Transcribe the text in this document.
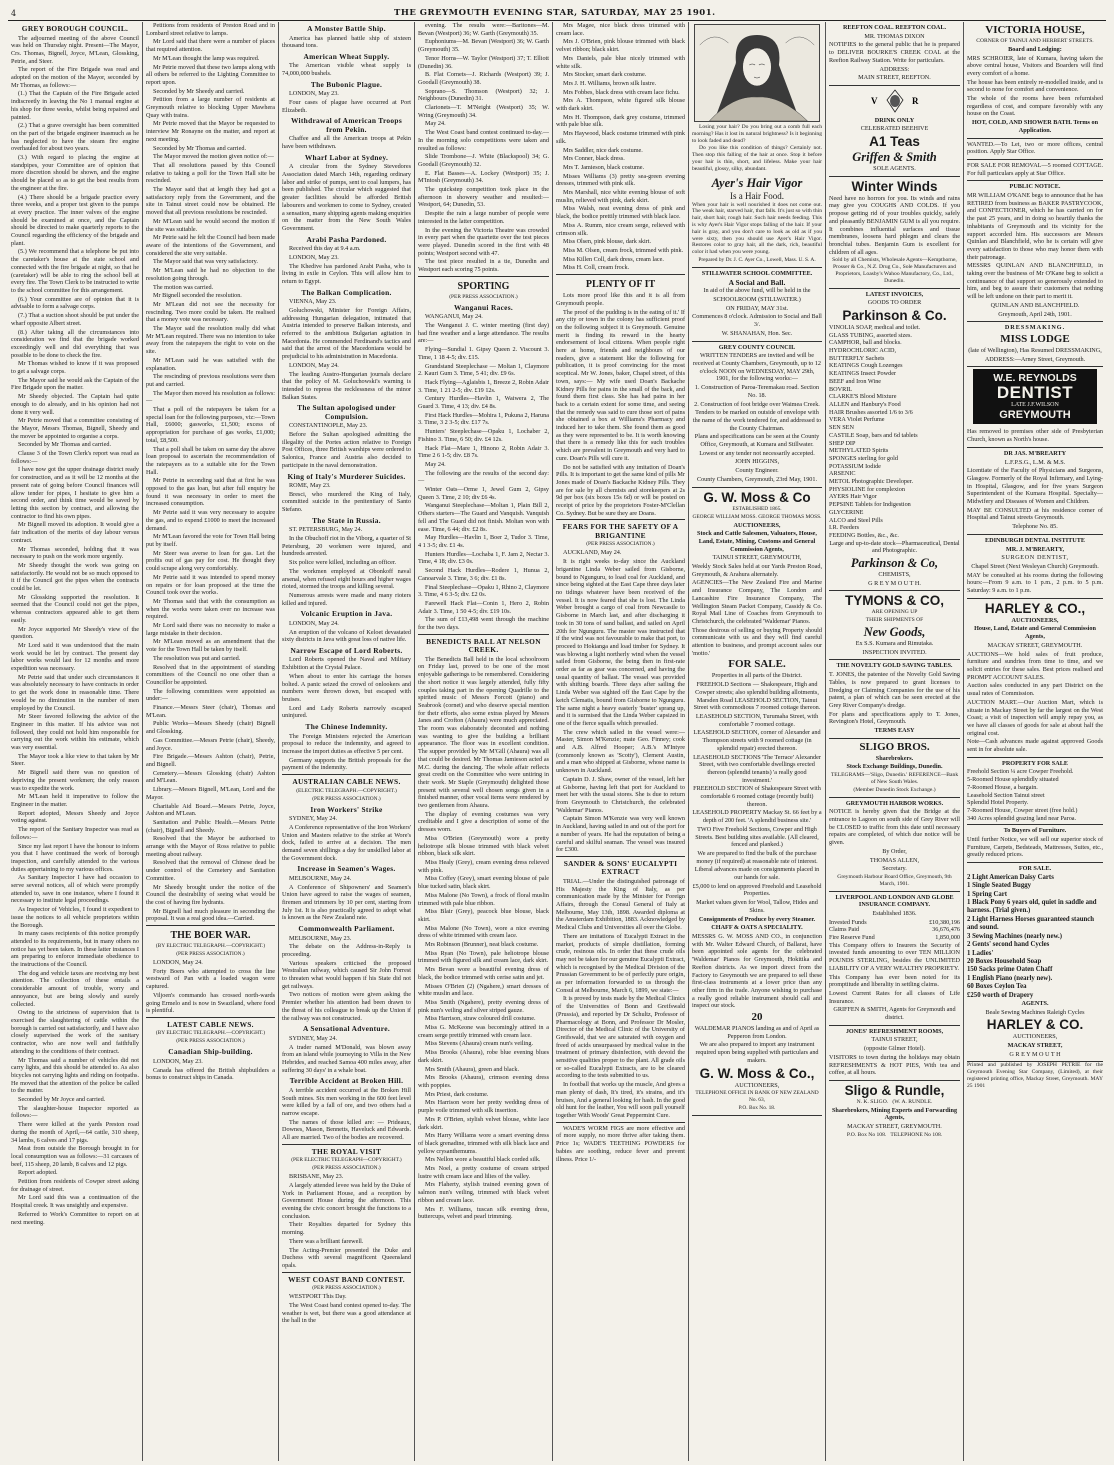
4	THE GREYMOUTH EVENING STAR, SATURDAY, MAY 25 1901.
GREY BOROUGH COUNCIL.

The adjourned meeting of the above Council was held on Thursday night. Present—The Mayor, Crs. Thomas, Bignell, Joyce, M'Lean, Glossking, Petrie, and Steer.

The report of the Fire Brigade was read and adopted on the motion of the Mayor, seconded by Mr Thomas, as follows:—

(1.) That the Captain of the Fire Brigade acted indiscreetly in leaving the No 1 manual engine at his shop for three weeks, whilst being repaired and painted.

(2.) That a grave oversight has been committed on the part of the brigade engineer inasmuch as he has neglected to have the steam fire engine overhauled for about two years.

(3.) With regard to placing the engine at standpipes, your Committee are of opinion that more discretion should be shown, and the engine should be placed so as to get the best results from the engineer at the fire.

(4.) There should be a brigade practice every three weeks, and a proper test given to the pumps at every practice. The inner valves of the engine should be examined at once, and the Captain should be directed to make quarterly reports to the Council regarding the efficiency of the brigade and plant.

(5.) We recommend that a telephone be put into the caretaker's house at the state school and connected with the fire brigade at night, so that he (caretaker) will be able to ring the school bell at every fire. The Town Clerk to be instructed to write to the school committee for this arrangement.

(6.) Your committee are of opinion that it is advisable to form a salvage corps.

(7.) That a suction shoot should be put under the wharf opposite Albert street.

(8.) After taking all the circumstances into consideration we find that the brigade worked exceedingly well and did everything that was possible to be done to check the fire.

Mr Thomas wished to know if it was proposed to get a salvage corps.

The Mayor said he would ask the Captain of the Fire Brigade upon the matter.

Mr Sheedy objected. The Captain had quite enough to do already, and in his opinion had not done it very well.

Mr Petrie moved that a committee consisting of the Mayor, Messrs Thomas, Bignell, Sheedy and the mover be appointed to organise a corps.

Seconded by Mr Thomas and carried.

Clause 3 of the Town Clerk's report was read as follows:—

I have now got the upper drainage district ready for construction, and as it will be 12 months at the present rate of going before Council finances will allow tender for pipes, I hesitate to give him a second order, and think time would be saved by letting this section by contract, and allowing the contractor to find his own pipes.

Mr Bignell moved its adoption. It would give a fair indication of the merits of day labour versus contract.

Mr Thomas seconded, holding that it was necessary to push on the work more urgently.

Mr Sheedy thought the work was going on satisfactorily. He would not be so much opposed to it if the Council got the pipes when the contracts could be let.

Mr Glossking supported the resolution. It seemed that the Council could not get the pipes, whereas contractors appeared able to get them easily.

Mr Joyce supported Mr Sheedy's view of the question.

Mr Lord said it was understood that the main work would be let by contract. The present day labor works would last for 12 months and more expedition was necessary.

Mr Petrie said that under such circumstances it was absolutely necessary to have contracts in order to get the work done in reasonable time. There would be no diminution in the number of men employed by the Council.

Mr Steer favored following the advice of the Engineer in this matter. If his advice was not followed, they could not hold him responsible for carrying out the work within his estimate, which was very essential.

The Mayor took a like view to that taken by Mr Steer.

Mr Bignell said there was no question of depriving the present workmen; the only reason was to expedite the work.

Mr M'Lean held it imperative to follow the Engineer in the matter.

Report adopted, Messrs Sheedy and Joyce voting against.

The report of the Sanitary Inspector was read as follows:—

Since my last report I have the honour to inform you that I have continued the work of borough inspection, and carefully attended to the various duties appertaining to my various offices.

As Sanitary Inspector I have had occasion to serve several notices, all of which were promptly attended to, save in one instance, where I found it necessary to institute legal proceedings.

As Inspector of Vehicles, I found it expedient to issue the notices to all vehicle proprietors within the Borough.

In many cases recipients of this notice promptly attended to its requirements, but in many others no notice has yet been taken. In these latter instances I am preparing to enforce immediate obedience to the instructions of the Council.

The dog and vehicle taxes are receiving my best attention. The collection of these entails a considerable amount of trouble, worry and annoyance, but are being slowly and surely collected.

Owing to the strictness of supervision that is exercised the slaughtering of cattle within the borough is carried out satisfactorily, and I have also closely supervised the work of the sanitary contractor, who are now well and faithfully attending to the conditions of their contract.

Mr Thomas said a number of vehicles did not carry lights, and this should be attended to. As also bicycles not carrying lights and riding on footpaths. He moved that the attention of the police be called to the matter.

Seconded by Mr Joyce and carried.

The slaughter-house Inspector reported as follows:—

There were killed at the yards Preston road during the month of April,—64 cattle, 310 sheep, 34 lambs, 6 calves and 17 pigs.

Meat from outside the Borough brought in for local consumption was as follows:—31 carcases of beef, 115 sheep, 20 lamb, 8 calves and 12 pigs.

Report adopted.

Petition from residents of Cowper street asking for drainage of street.

Mr Lord said this was a continuation of the Hospital creek. It was unsightly and expensive.

Referred to Work's Committee to report on at next meeting.

Petitions from residents of Preston Road and in Lombard street relative to lamps.

Mr Lord said that there were a number of places that required attention.

Mr M'Lean thought the lamp was required.

Mr Petrie moved that these two lamps along with all others be referred to the Lighting Committee to report upon.

Seconded by Mr Sheedy and carried.

Petition from a large number of residents at Greymouth relative to blocking Upper Mawhera Quay with trains.

Mr Petrie moved that the Mayor be requested to interview Mr Ronayne on the matter, and report at next meeting.

Seconded by Mr Thomas and carried.

The Mayor moved the motion given notice of:—

That all resolutions passed by this Council relative to taking a poll for the Town Hall site be rescinded.

The Mayor said that at length they had got a satisfactory reply from the Government, and the site in Tainui street could now be obtained. He moved that all previous resolutions be rescinded.

Mr M'Lean said he would second the motion if the site was suitable.

Mr Petrie said he felt the Council had been made aware of the intentions of the Government, and considered the site very suitable.

The Mayor said that was very satisfactory.

Mr M'Lean said he had no objection to the resolution going through.

The motion was carried.

Mr Bignell seconded the resolution.

Mr M'Lean did not see the necessity for rescinding. Two more could be taken. He realised that a money vote was necessary.

The Mayor said the resolution really did what Mr M'Lean required. There was no intention to take away from the ratepayers the right to vote on the site.

Mr M'Lean said he was satisfied with the explanation.

The rescinding of previous resolutions were then put and carried.

The Mayor then moved his resolution as follows:—

That a poll of the ratepayers be taken for a special loan for the following purposes, viz:—Town Hall, £6000; gasworks, £1,500; excess of appropriation for purchase of gas works, £1,000; total, £8,500.

That a poll shall be taken on same day the above loan proposal to ascertain the recommendation of the ratepayers as to a suitable site for the Town Hall.

Mr Petrie in seconding said that at first he was opposed to the gas loan, but after full enquiry he found it was necessary in order to meet the increased consumption.

Mr Petrie said it was very necessary to acquire the gas, and to expend £1000 to meet the increased demand.

Mr M'Lean favored the vote for Town Hall being put by itself.

Mr Steer was averse to loan for gas. Let the profits out of gas pay for cost. He thought they could scrape along very comfortably.

Mr Petrie said it was intended to spend money on repairs or for loan proposed at the time the Council took over the works.

Mr Thomas said that with the consumption as when the works were taken over no increase was required.

Mr Lord said there was no necessity to make a large mistake in their decision.

Mr M'Lean moved as an amendment that the vote for the Town Hall be taken by itself.

The resolution was put and carried.

Resolved that in the appointment of standing committees of the Council no one other than a Councillor be appointed.

The following committees were appointed as under:—

Finance.—Messrs Steer (chair), Thomas and M'Lean.

Public Works—Messrs Sheedy (chair) Bignell and Glossking.

Gas Committee.—Messrs Petrie (chair), Sheedy, and Joyce.

Fire Brigade.—Messrs Ashton (chair), Petrie, and Bignell.

Cemetery.—Messrs Glossking (chair) Ashton and M'Lean.

Library.—Messrs Bignell, M'Lean, Lord and the Mayor.

Charitable Aid Board.—Messrs Petrie, Joyce, Ashton and M'Lean.

Sanitation and Public Health.—Messrs Petrie (chair), Bignell and Sheedy.

Resolved that the Mayor be authorised to arrange with the Mayor of Ross relative to public meeting about railway.

Resolved that the removal of Chinese dead be under control of the Cemetery and Sanitation Committee.

Mr Sheedy brought under the notice of the Council the desirability of seeing what would be the cost of having fire hydrants.

Mr Bignell had much pleasure in seconding the proposal. It was a real good idea.—Carried.

THE BOER WAR.

(BY ELECTRIC TELEGRAPH.—COPYRIGHT.)

(PER PRESS ASSOCIATION.)

LONDON, May 24.

Forty Boers who attempted to cross the line westward of Pan with a loaded wagon were captured.

Viljoen's commando has crossed north-wards going Ermelo and is now in Swaziland, where food is plentiful.

LATEST CABLE NEWS.

(BY ELECTRIC TELEGRAPH.—COPYRIGHT.)

(PER PRESS ASSOCIATION.)

Canadian Ship-building.

LONDON, May 23.

Canada has offered the British shipbuilders a bonus to construct ships in Canada.

A Monster Battle Ship.

America has planned battle ship of sixteen thousand tons.

American Wheat Supply.

The American visible wheat supply is 74,000,000 bushels.

The Bubonic Plague.

LONDON, May 23.

Four cases of plague have occurred at Port Elizabeth.

Withdrawal of American Troops from Pekin.

Chaffee and all the American troops at Pekin have been withdrawn.

Wharf Labor at Sydney.

A circular from the Sydney Stevedores Association dated March 14th, regarding ordinary labor and strike of pumps, sent to coal lumpers, has been published. The circular which suggested that greater facilities should be afforded British labourers and workmen to come to Sydney, created a sensation, many shipping agents making enquiries on the matter from the New South Wales Government.

Arabi Pasha Pardoned.

Received this day at 9.4 a.m.

LONDON, May 23.

The Khedive has pardoned Arabi Pasha, who is living in exile in Ceylon. This will allow him to return to Egypt.

The Balkan Complication.

VIENNA, May 23.

Goluchowski, Minister for Foreign Affairs, addressing Hungarian delegation, intimated that Austria intended to preserve Balkan interests, and referred to the ambitious Bulgarian agitation in Macedonia. He commended Ferdinand's tactics and said that the arrest of the Macedonians would be prejudicial to his administration in Macedonia.

LONDON, May 24.

The leading Austro-Hungarian journals declare that the policy of M. Goluchowski's warning is intended to repress the recklessness of the minor Balkan States.

The Sultan apologised under Compulsion.

CONSTANTINOPLE, May 23.

Before the Sultan apologised admitting the illegality of the Portes action relative to Foreign Post Offices, three British warships were ordered to Salonica, France and Austria also decided to participate in the naval demonstration.

King of Italy's Murderer Suicides.

ROME, May 23.

Bresci, who murdered the King of Italy, committed suicide in the penitentiary of Santo Stefano.

The State in Russia.

ST. PETERSBURG, May 24.

In the Obuchoff riot in the Viborg, a quarter of St Petersburg, 20 workmen were injured, and hundreds arrested.

Six police were killed, including an officer.

The workmen employed at Obonkoff naval arsenal, when refused eight hours and higher wages rioted, stormed the troops and killing several.

Numerous arrests were made and many rioters killed and injured.

Volcanic Eruption in Java.

LONDON, May 24.

An eruption of the volcano of Keloet devastated sixty districts in Java with great loss of native life.

Narrow Escape of Lord Roberts.

Lord Roberts opened the Naval and Military Exhibition at the Crystal Palace.

When about to enter his carriage the horses bolted. A panic seized the crowd of onlookers and numbers were thrown down, but escaped with bruises.

Lord and Lady Roberts narrowly escaped uninjured.

The Chinese Indemnity.

The Foreign Ministers rejected the American proposal to reduce the indemnity, and agreed to increase the import duties as effective 5 per cent.

Germany supports the British proposals for the payment of the indemnity.

AUSTRALIAN CABLE NEWS.

(ELECTRIC TELEGRAPH.—COPYRIGHT.)

(PER PRESS ASSOCIATION.)

Iron Workers' Strike

SYDNEY, May 24.

A Conference representative of the Iron Workers' Union and Masters relative to the strike at Wore's dock, failed to arrive at a decision. The men demand seven shillings a day for unskilled labor at the Government dock.

Increase in Seamen's Wages.

MELBOURNE, May 24.

A Conference of Shipowners' and Seamen's Union have agreed to raise the wages of seamen, firemen and trimmers by 10 per cent, starting from July 1st. It is also practically agreed to adopt what is known as the New Zealand rate.

Commonwealth Parliament.

MELBOURNE, May 23.

The debate on the Address-in-Reply is proceeding.

Various speakers criticised the proposed Westralian railway, which caused Sir John Forrest to threaten what would happen if his State did not get railways.

Two notices of motion were given asking the Premier whether his attention had been drawn to the threat of his colleague to break up the Union if the railway was not constructed.

A Sensational Adventure.

SYDNEY, May 24.

A trader named M'Donald, was blown away from an island while journeying to Villa in the New Hebrides, and reached Samoa 400 miles away, after suffering 30 days' in a whale boat.

Terrible Accident at Broken Hill.

A terrible accident occurred at the Broken Hill South mines. Six men working in the 600 feet level were killed by a fall of ore, and two others had a narrow escape.

The names of those killed are: — Prideaux, Downes, Mason, Bennetts, Haveluck and Edwards. All are married. Two of the bodies are recovered.

THE ROYAL VISIT

(PER ELECTRIC TELEGRAPH—COPYRIGHT.)

(PER PRESS ASSOCIATION.)

BRISBANE, May 23.

A largely attended levee was held by the Duke of York in Parliament House, and a reception by Government House during the afternoon. This evening the civic concert brought the functions to a conclusion.

Their Royalties departed for Sydney this morning.

There was a brilliant farewell.

The Acting-Premier presented the Duke and Duchess with several magnificent Queensland opals.

WEST COAST BAND CONTEST.

(PER PRESS ASSOCIATION.)

WESTPORT This Day.

The West Coast band contest opened to-day. The weather is wet, but there was a good attendance at the hall in the

evening. The results were:—Baritones—M. Bevan (Westport) 36; W. Garth (Greymouth) 35.

Euphoniums—M. Bevan (Westport) 36; W. Garth (Greymouth) 35.

Tenor Horns—W. Taylor (Westport) 37; T. Elliott (Dunedin) 36.

B. Flat Cornets—J. Richards (Westport) 39; J. Goodall (Greymouth) 38.

Soprano—S. Thomson (Westport) 32; J. Neighbours (Dunedin) 31.

Clarionets—T. M'Neight (Westport) 35; W. Wring (Greymouth) 34.

May 24.

The West Coast band contest continued to-day.—In the morning solo competitions were taken and resulted as follows:

Slide Trombone—J. White (Blackspool) 34; G. Goodall (Greymouth) 32.

E. Flat Basses—A. Lockey (Westport) 35; J. M'Intosh (Greymouth) 34.

The quickstep competition took place in the afternoon in showery weather and resulted:—Westport, 64; Dunedin, 53.

Despite the rain a large number of people were interested in the latter competition.

In the evening the Victoria Theatre was crowded in every part when the quartette over the test pieces were played. Dunedin scored in the first with 48 points; Westport second with 47.

The test piece resulted in a tie, Dunedin and Westport each scoring 75 points.

SPORTING

(PER PRESS ASSOCIATION.)

Wanganui Races.

WANGANUI, May 24.

The Wanganui J. C. winter meeting (first day) had fine weather and a large attendance. The results are:—

Flying—Sundial 1. Gipsy Queen 2. Viscount 3. Time, 1 18 4-5; div. £15.

Grandstand Steeplechase — Moltan 1, Claymore 2. Kauri Gum 3. Time, 5 41; div. £9 6s.

Hack Flying—Aglaisbis 1, Breeze 2, Robin Adair 3. Time, 1 21 2-5; div. £19 12s.

Century Hurdles—Havlin 1, Waiwera 2, The Guard 3. Time, 4 13; div. £4 8s.

First Hack Hurdles—Mohira 1, Pukuna 2, Haruna 3. Time, 3 2 3-5; div. £17 7s.

Hunters' Steeplechase—Opaku 1, Lochaber 2, Fishino 3. Time, 6 50; div. £4 12s.

Hack Flat—Mare 1, Hinono 2, Robin Adair 3. Time 2 6 1-5; div. £8 7s.

May 24.

The following are the results of the second day:—

Winter Oats—Orme 1, Jewel Gum 2, Gipsy Queen 3. Time, 2 10; div £6 4s.

Wanganui Steeplechase—Moltan 1, Plain Bill 2, Others starters—The Guard and Vanquish. Vanquish fell and The Guard did not finish. Moltan won with ease. Time, 6 44; div. £2 8s.

May Hurdles—Havlin 1, Boer 2, Tudor 3. Time, 4 1 3-5; div. £1 4s.

Hunters Hurdles—Lochaba 1, F. Jam 2, Nectar 3. Time, 4 18; div. £3 0s.

Second Hack Hurdles—Rodere 1, Hunua 2, Canoarvale 3. Time, 3 6; div. £1 8s.

Final Steeplechase—Opaku 1, Rhino 2, Claymore 3. Time, 4 6 3-5; div. £2 0s.

Farewell Hack Flat—Conin 1, Hero 2, Robin Adair 3. Time, 1 50 4-5; div. £19 10s.

The sum of £13,498 went through the machine for the two days.

BENEDICTS BALL AT NELSON CREEK.

The Benedicts Ball held in the local schoolroom on Friday last, proved to be one of the most enjoyable gatherings to be remembered. Considering the short notice it was largely attended, fully fifty couples taking part in the opening Quadrille to the spirited music of Messrs Forcott (piano) and Seabrook (cornet) and who deserve special mention for their efforts, also some extras played by Messrs Janes and Crofton (Ahaura) were much appreciated. The room was elaborately decorated and nothing was wanting to give the building a brilliant appearance. The floor was in excellent condition. The supper provided by Mr M'Gill (Ahaura) was all that could be desired. Mr Thomas Jamieson acted as M.C. during the dancing. The whole affair reflects great credit on the Committee who were untiring in their work. Mr Staple (Greymouth) delighted those present with several well chosen songs given in a finished manner, other vocal items were rendered by two gentlemen from Ahaura.

The display of evening costumes was very creditable and I give a description of some of the dresses worn.

Miss O'Brien (Greymouth) wore a pretty heliotrope silk blouse trimmed with black velvet ribbon, black silk skirt.

Miss Healy (Grey), cream evening dress relieved with pink.

Miss Coffey (Grey), smart evening blouse of pale blue tucked satin, black skirt.

Miss Malone (No Town), a frock of floral muslin trimmed with pale blue ribbon.

Miss Blair (Grey), peacock blue blouse, black skirt.

Miss Malone (No Town), wore a nice evening dress of white trimmed with cream lace.

Mrs Robinson (Brunner), neat black costume.

Miss Ryan (No Town), pale heliotrope blouse trimmed with figured silk and cream lace, dark skirt.

Mrs Bevan wore a beautiful evening dress of black, the bodice trimmed with cerise satin and jet.

Misses O'Brien (2) (Ngahere,) smart dresses of white muslin and lace.

Miss Smith (Ngahere), pretty evening dress of pink nun's veiling and silver striped gauze.

Miss Harrison, straw coloured drill costume.

Miss G. McKeone was becomingly attired in a cream serge prettily trimmed with cream lace.

Miss Stevens (Ahaura) cream nun's veiling.

Miss Brooks (Ahaura), robe blue evening blues dark skirt.

Mrs Smith (Ahaura), green and black.

Mrs Brooks (Ahaura), crimson evening dress with poppies.

Mrs Priest, dark costume.

Mrs Harrison wore her pretty wedding dress of purple voile trimmed with silk insertion.

Mrs P. O'Brien, stylish velvet blouse, white lace dark skirt.

Mrs Harry Williams wore a smart evening dress of black grenadine, trimmed with silk black lace and yellow crysanthemums.

Mrs Nellon wore a beautiful black corded silk.

Mrs Noel, a pretty costume of cream striped lustre with cream lace and lilies of the valley.

Mrs Flaherty, stylish trained evening gown of salmon nun's veiling, trimmed with black velvet ribbon and cream lace.

Mrs F. Williams, tuscan silk evening dress, buttercups, velvet and pearl trimming.

Mrs Magee, nice black dress trimmed with cream lace.

Mrs J. O'Brien, pink blouse trimmed with black velvet ribbon; black skirt.

Mrs Daniels, pale blue nicely trimmed with white silk.

Mrs Stocker, smart dark costume.

Mrs J. H. Williams, brown silk lustre.

Mrs Fobbes, black dress with cream lace fichu.

Mrs A. Thompson, white figured silk blouse with dark skirt.

Mrs H. Thompson, dark grey costume, trimmed with pale blue silk.

Mrs Haywood, black costume trimmed with pink silk.

Mrs Saddler, nice dark costume.

Mrs Conner, black dress.

Mrs T. Jamieson, black costume.

Misses Williams (3) pretty sea-green evening dresses, trimmed with pink silk.

Mrs Marshall, nice white evening blouse of soft muslin, relieved with pink, dark skirt.

Miss Walsh, neat evening dress of pink and black, the bodice prettily trimmed with black lace.

Miss A. Rumm, nice cream serge, relieved with crimson silk.

Miss Olsen, pink blouse, dark skirt.

Miss M. Olsen, cream frock, trimmed with pink.

Miss Killen Coll, dark dress, cream lace.

Miss H. Coll, cream frock.

PLENTY OF IT

Lots more proof like this and it is all from Greymouth people.

The proof of the pudding is in the eating of it.' If any city or town in the colony has sufficient proof on the following subject it is Greymouth. Genuine merit is finding its reward in the hearty endorsement of local citizens. When people right here at home, friends and neighbours of our readers, give a statement like the following for publication, it is proof convincing for the most sceptical. Mr W. Jones, baker, Chapel street, of this town, says:— My wife used Doan's Backache Kidney Pills for pains in the small of the back, and found them first class. She has had pains in her back to a certain extent for some time, and seeing that the remedy was said to cure those sort of pains she obtained a box at Williams's Pharmacy and induced her to take them. She found them as good as they were represented to be. It is worth knowing that there is a remedy like this for such troubles which are prevalent in Greymouth and very hard to cure. Doan's Pills will cure it.

Do not be satisfied with any imitation of Doan's Pills. It is important to get the same kind of pills Mr Jones made of Doan's Backache Kidney Pills. They are for sale by all chemists and storekeepers at 2s 9d per box (six boxes 15s 6d) or will be posted on receipt of price by the proprietors Foster-M'Clellan Co. Sydney. But be sure they are Doans.

FEARS FOR THE SAFETY OF A BRIGANTINE

(PER PRESS ASSOCIATION.)

AUCKLAND, May 24.

It is right weeks to-day since the Auckland brigantine Linda Weber sailed from Gisborne, bound to Ngunguru, to load coal for Auckland, and since being sighted at the East Cape three days later no tidings whatever have been received of the vessel. It is now feared that she is lost. The Linda Weber brought a cargo of coal from Newcastle to Gisborne in March last, and after discharging it took in 30 tons of sand ballast, and sailed on April 20th for Ngunguru. The master was instructed that if the wind was not favourable to make that port, to proceed to Hokianga and load timber for Sydney. It was blowing a light northerly wind when the vessel sailed from Gisborne, the being then in first-rate order as far as gear was concerned, and having the usual quantity of ballast. The vessel was provided with shifting boards. Three days after sailing the Linda Weber was sighted off the East Cape by the ketch Clematis, bound from Gisborne to Ngunguru. The same night a heavy easterly 'buster' sprang up, and it is surmised that the Linda Weber capsized in one of the fierce squalls which prevailed.

The crew which sailed in the vessel were:—Master, Simon M'Kenzie; mate Geo. Finney; cook and A.B. Alfred Hooper; A.B.'s M'Intyre (commonly known as 'Scotty'), Clement Austin, and a man who shipped at Gisborne, whose name is unknown in Auckland.

Captain D. J. Shaw, owner of the vessel, left her at Gisborne, having left that port for Auckland to meet her with the usual stores. She is due to return from Greymouth to Christchurch, the celebrated 'Waldemar' Pianos.

Captain Simon M'Kenzie was very well known in Auckland, having sailed in and out of the port for a number of years. He had the reputation of being a careful and skilful seaman. The vessel was insured for £300.

SANDER & SONS' EUCALYPTI EXTRACT

TRIAL.—Under the distinguished patronage of His Majesty the King of Italy, as per communication made by the Minister for Foreign Affairs, through the Consul General of Italy at Melbourne, May 13th, 1898. Awarded diploma at the Amsterdam Exhibition, 1883. Acknowledged by Medical Clubs and Universities all over the Globe.

There are imitations of Eucalypti Extract in the market, products of simple distillation, forming crude, resinous oils. In order that these crude oils may not be taken for our genuine Eucalypti Extract, which is recognised by the Medical Division of the Prussian Government to be of perfectly pure origin, as per information forwarded to us through the Consul at Melbourne, March 6, 1899, we state:—

It is proved by tests made by the Medical Clinics of the Universities of Bonn and Greifswald (Prussia), and reported by Dr Schultz, Professor of Pharmacology at Bonn, and Professor Dr Mosler, Director of the Medical Clinic of the University of Greifswald, that we are saturated with oxygen and freed of acids unsurpassed by medical value in the treatment of primary disinfection, with devoid the sensitive qualities proper to the plant. All grade oils or so-called Eucalypti Extracts, are to be cleared according to the tests submitted to us.

In football that works up the muscle, And gives a man plenty of dash, It's tired, it's strains, and it's bruises, And a general looking for hash. In the good old hunt for the leather, You will soon pull yourself together With Woods' Great Peppermint Cure.

WADE'S WORM FIGS are more effective and of more supply, no more thrive after taking them. Price 1s; WADE'S TEETHING POWDERS for babies are soothing, reduce fever and prevent illness. Price 1/-

Losing your hair? Do you bring out a comb full each morning? Has it lost its natural brightness? Is it beginning to look faded and dead?

Do you like this condition of things? Certainly not. Then stop this falling of the hair at once. Stop it before your hair is thin, short, and lifeless. Make your hair beautiful, glossy, silky, abundant.

Ayer's Hair Vigor

Is a Hair Food.

When your hair is well nourished it does not come out. The weak hair, starved hair, that falls. It's just so with thin hair, short hair, rough hair. Such hair needs feeding. This is why Ayer's Hair Vigor stops falling of the hair. If your hair is gray, and you don't care to look as old as if you were sixty, then you should use Ayer's Hair Vigor. Restores color to gray hair, all the dark, rich, beautiful color it had when you were young.

Prepared by Dr. J. C. Ayer Co., Lowell, Mass. U. S. A.

STILLWATER SCHOOL COMMITTEE.

A Social and Ball.

In aid of the above fund, will be held in the

SCHOOLROOM (STILLWATER.)

ON FRIDAY, MAY 31st.

Commences 8 o'clock. Admission to Social and Ball 3/.

W. SHANAHAN, Hon. Sec.

GREY COUNTY COUNCIL

WRITTEN TENDERS are invited and will be received at County Chambers, Greymouth, up to 12 o'clock NOON on WEDNESDAY, MAY 29th, 1901, for the following works:—

1. Construction of Paroa-Teremakau road. Section No. 18.

2. Construction of foot bridge over Waimea Creek.

Tenders to be marked on outside of envelope with the name of the work tendered for, and addressed to the County Chairman.

Plans and specifications can be seen at the County Office, Greymouth, at Kumara and Stillwater.

Lowest or any tender not necessarily accepted.

JOHN HIGGINS,

County Engineer.

County Chambers, Greymouth, 23rd May, 1901.

G. W. Moss & Co

ESTABLISHED 1865.

GEORGE WILLIAM MOSS. GEORGE THOMAS MOSS.

AUCTIONEERS,

Stock and Cattle Salesmen, Valuators, House, Land, Estate, Mining, Customs and General Commission Agents,

TAINUI STREET, GREYMOUTH,

Weekly Stock Sales held at our Yards Preston Road, Greymouth, & Arahura alternately.

AGENCIES—The New Zealand Fire and Marine and Insurance Company, The London and Lancashire Fire Insurance Company, The Wellington Steam Packet Company, Cassidy & Co. Royal Mail Line of Coaches from Greymouth to Christchurch, the celebrated 'Waldemar' Pianos.

Those desirous of selling or buying Property should communicate with us and they will find careful attention to business, and prompt account sales our 'motto.'

FOR SALE.

Properties in all parts of the District.

FREEHOLD Sections — Shakespeare, High and Cowper streets; also splendid building allotments, Marsden Road LEASEHOLD SECTION, Tainui Street with commodious 7 roomed cottage thereon.

LEASEHOLD SECTION, Turumaha Street, with comfortable 7 roomed cottage.

LEASEHOLD SECTION, corner of Alexander and Thompson streets with 9 roomed cottage (in splendid repair) erected thereon.

LEASEHOLD SECTIONS 'The Terrace' Alexander Street, with two comfortable dwellings erected thereon (splendid tenants) 'a really good investment.'

FREEHOLD SECTION of Shakespeare Street with comfortable 6 roomed cottage (recently built) thereon.

LEASEHOLD PROPERTY Mackay St. 66 feet by a depth of 200 feet. 'A splendid business site.'

TWO Five Freehold Sections, Cowper and High Streets. Best building sites available. (All cleared, fenced and planked.)

We are prepared to find the bulk of the purchase money (if required) at reasonable rate of interest.

Liberal advances made on consignments placed in our hands for sale.

£5,000 to lend on approved Freehold and Leasehold Properties.

Market values given for Wool, Tallow, Hides and Skins.

Consignments of Produce by every Steamer.

CHAFF & OATS A SPECIALITY.

MESSRS G. W. MOSS AND CO., in conjunction with Mr. Walter Edward Church, of Ballarat, have been appointed sole agents for the celebrated 'Waldemar' Pianos for Greymouth, Hokitika and Reefton districts. As we import direct from the Factory to Greymouth we are prepared to sell these first-class instruments at a lower price than any other firm in the trade. Anyone wishing to purchase a really good reliable instrument should call and inspect our stock.

20

WALDEMAR PIANOS landing as and of April as Pepperon from London.

We are also prepared to import any instrument required upon being supplied with particulars and makers.

G. W. Moss & Co.,

AUCTIONEERS,

TELEPHONE OFFICE IN BANK OF NEW ZEALAND No. 63,

P.O. Box No. 18.

REEFTON COAL. REEFTON COAL.

MR. THOMAS DIXON

NOTIFIES to the general public that he is prepared to DELIVER BOURKE'S CREEK COAL at the Reefton Railway Station. Write for particulars.

ADDRESS:

MAIN STREET, REEFTON.

V	R

DRINK ONLY

CELEBRATED BEEHIVE

A1 Teas

Griffen & Smith

SOLE AGENTS.

Winter Winds

Need have no horrors for you. Its winds and rains may give you COUGHS AND COLDS. If you propose getting rid of your troubles quickly, safely and pleasantly BENJAMIN GUM is all you require. It combines influential surfaces and tissue membranes, loosens hard phlegm and clears the bronchial tubes. Benjamin Gum is excellent for children of all ages.

Sold by all Chemists, Wholesale Agents—Kempthorne, Prosser & Co., N.Z. Drug Co., Sole Manufacturers and Proprietors, Loasby's Wahoo Manufactory, Co., Ltd., Dunedin.

LATEST INVOICES,

GOODS TO ORDER

Parkinson & Co.

VINOLIA SOAP, medical and toilet.

GLASS TUBING, assorted sizes.

CAMPHOR, ball and blocks.

HYDROCHLORIC ACID,

BUTTERFLY Sachets

KEATINGS Cough Lozenges

KEATINGS Insect Powder

BEEF and Iron Wine

BOVRIL

CLARKE'S Blood Mixture

ALLEN and Hanbury's Food

HAIR Brushes assorted 1/6 to 3/6

VERA Violet Perfume

SEN SEN

CASTILE Soap, bars and 6d tablets

SHEP DIP

METHYLATED Spirits

SPONGES sterling for gold

POTASSIUM Iodide

ARSENIC

METOL Photographic Developer.

PHYSIOLINE for complexion

AYERS Hair Vigor

PEPSINE Tablets for Indigestion

GLYCERINE

ALCO and Steel Pills

I.R. Feeders

FEEDING Bottles, &c., &c.

Large and up-to-date stock—Pharmaceutical, Dental and Photographic.

Parkinson & Co,

CHEMISTS,

G R E Y M O U T H.

TYMONS & CO,

ARE OPENING UP

THEIR SHIPMENTS OF

New Goods,

Ex S.S. Kumara and Rimutaka.

INSPECTION INVITED.

THE NOVELTY GOLD SAVING TABLES.

T. JONES, the patentee of the Novelty Gold Saving Tables, is now prepared to grant licenses to Dredging or Claiming Companies for the use of his patent, a plan of which can be seen erected at the Grey River Company's dredge.

For plans and specifications apply to T. Jones, Revington's Hotel, Greymouth.

TERMS EASY

SLIGO BROS.

Sharebrokers.

Stock Exchange Buildings, Dunedin.

TELEGRAMS—'Sligo, Dunedin.' REFERENCE—Bank of New South Wales.

(Member Dunedin Stock Exchange.)

GREYMOUTH HARBOR WORKS.

NOTICE is hereby given that the Bridge at the entrance to Lagoon on south side of Grey River will be CLOSED to traffic from this date until necessary repairs are completed, of which due notice will be given.

By Order,

THOMAS ALLEN,

Secretary.

Greymouth Harbour Board Office, Greymouth, 9th March, 1901.

LIVERPOOL AND LONDON AND GLOBE INSURANCE COMPANY.

Established 1836.

Invested Funds	£10,380,196
Claims Paid	36,676,476
Fire Reserve Fund	1,850,000

This Company offers to Insurers the Security of invested funds amounting to over TEN MILLION POUNDS STERLING, besides the UNLIMITED LIABILITY OF A VERY WEALTHY PROPRIETY.

This Company has ever been noted for its promptitude and liberality in settling claims.

Lowest Current Rates for all classes of Life Insurance.

GRIFFEN & SMITH, Agents for Greymouth and district.

JONES' REFRESHMENT ROOMS,

TAINUI STREET,

(opposite Gilmer Hotel).

VISITORS to town during the holidays may obtain REFRESHMENTS & HOT PIES, With tea and coffee, at all hours.

Sligo & Rundle,

N. K. SLIGO. (W. A. RUNDLE.

Sharebrokers, Mining Experts and Forwarding Agents,

MACKAY STREET, GREYMOUTH.

P.O. Box No 108. TELEPHONE No 108.

VICTORIA HOUSE,

CORNER OF TAINUI AND HERBERT STREETS.

Board and Lodging:

MRS SCHROIER, late of Kumara, having taken the above central house, Visitors and Boarders will find every comfort of a home.

The house has been entirely re-modelled inside, and is second to none for comfort and convenience.

The whole of the rooms have been refurnished regardless of cost, and compare favorably with any house on the Coast.

HOT, COLD, AND SHOWER BATH. Terms on Application.

WANTED.—To Let, two or more offices, central position. Apply Star Office.

FOR SALE FOR REMOVAL—5 roomed COTTAGE. For full particulars apply at Star Office.

PUBLIC NOTICE.

MR WILLIAM O'KANE begs to announce that he has RETIRED from business as BAKER PASTRYCOOK, and CONFECTIONER, which he has carried on for the past 25 years, and in doing so heartily thanks the inhabitants of Greymouth and its vicinity for the support accorded him. His successors are Messrs Quinlan and Blanchfield, who he is certain will give every satisfaction to those who may honor them with their patronage.

MESSRS QUINLAN AND BLANCHFIELD, in taking over the business of Mr O'Kane beg to solicit a continuance of that support so generously extended to him, and beg to assure their customers that nothing will be left undone on their part to merit it.

QUINLAN AND BLANCHFIELD.

Greymouth, April 24th, 1901.

DRESSMAKING.

MISS LODGE

(late of Wellington), Has Resumed DRESSMAKING,

ADDRESS:—Arney Street, Greymouth.

W.E. REYNOLDS
DENTIST
LATE J.F.WILSON
GREYMOUTH

Has removed to premises other side of Presbyterian Church, known as North's house.

DR JAS. M'BREARTY

L.F.P.S.G., L.M. & M.S.

Licentiate of the Faculty of Physicians and Surgeons, Glasgow. Formerly of the Royal Infirmary, and Lying-in Hospital, Glasgow, and for five years Surgeon Superintendent of the Kumara Hospital. Specialty—Midwifery and Diseases of Women and Children.

MAY BE CONSULTED at his residence corner of Hospital and Tainui streets Greymouth.

Telephone No. 85.

EDINBURGH DENTAL INSTITUTE

MR. J. M'BREARTY,

SURGEON DENTIST,

Chapel Street (Next Wesleyan Church) Greymouth.

MAY be consulted at his rooms during the following hours:—From 9 a.m. to 1 p.m., 2 p.m. to 5 p.m. Saturday: 9 a.m. to 1 p.m.

HARLEY & CO.,

AUCTIONEERS,

House, Land, Estate and General Commission Agents,

MACKAY STREET, GREYMOUTH.

AUCTIONS—We hold sales of fruit produce, furniture and sundries from time to time, and we solicit entries for these sales. Best prices realised and PROMPT ACCOUNT SALES.

Auction sales conducted in any part District on the usual rates of Commission.

AUCTION MART.—Our Auction Mart, which is situate in Mackay Street by far the largest on the West Coast; a visit of inspection will amply repay you, as we have all classes of goods for sale at about half the original cost.

Note—Cash advances made against approved Goods sent in for absolute sale.

PROPERTY FOR SALE

Freehold Section ¼ acre Cowper Freehold.

5-Roomed House splendidly situated

7-Roomed House, a bargain.

Leasehold Section Tainui street

Splendid Hotel Property.

7-Roomed House, Cowper street (free hold.)

340 Acres splendid grazing land near Paroa.

To Buyers of Furniture.

Until further Notice, we will sell our superior stock of Furniture, Carpets, Bedsteads, Mattresses, Suites, etc., greatly reduced prices.

FOR SALE.

2 Light American Daisy Carts

1 Single Seated Buggy

1 Spring Cart

1 Black Pony 6 years old, quiet in saddle and harness. (Trial given.)

2 Light Harness Horses guaranteed staunch and sound.

3 Sewing Machines (nearly new.)

2 Gents' second hand Cycles

1 Ladies'

20 Boxes Household Soap

150 Sacks prime Oaten Chaff

1 English Piano (nearly new).

60 Boxes Ceylon Tea

£250 worth of Drapery

AGENTS.

Beale Sewing Machines Raleigh Cycles

HARLEY & CO.

AUCTIONEERS,

MACKAY STREET,

G R E Y M O U T H

Printed and published by JOSEPH PETRIE for the Greymouth Evening Star Company, (Limited), at their registered printing office, Mackay Street, Greymouth. MAY 25 1901
